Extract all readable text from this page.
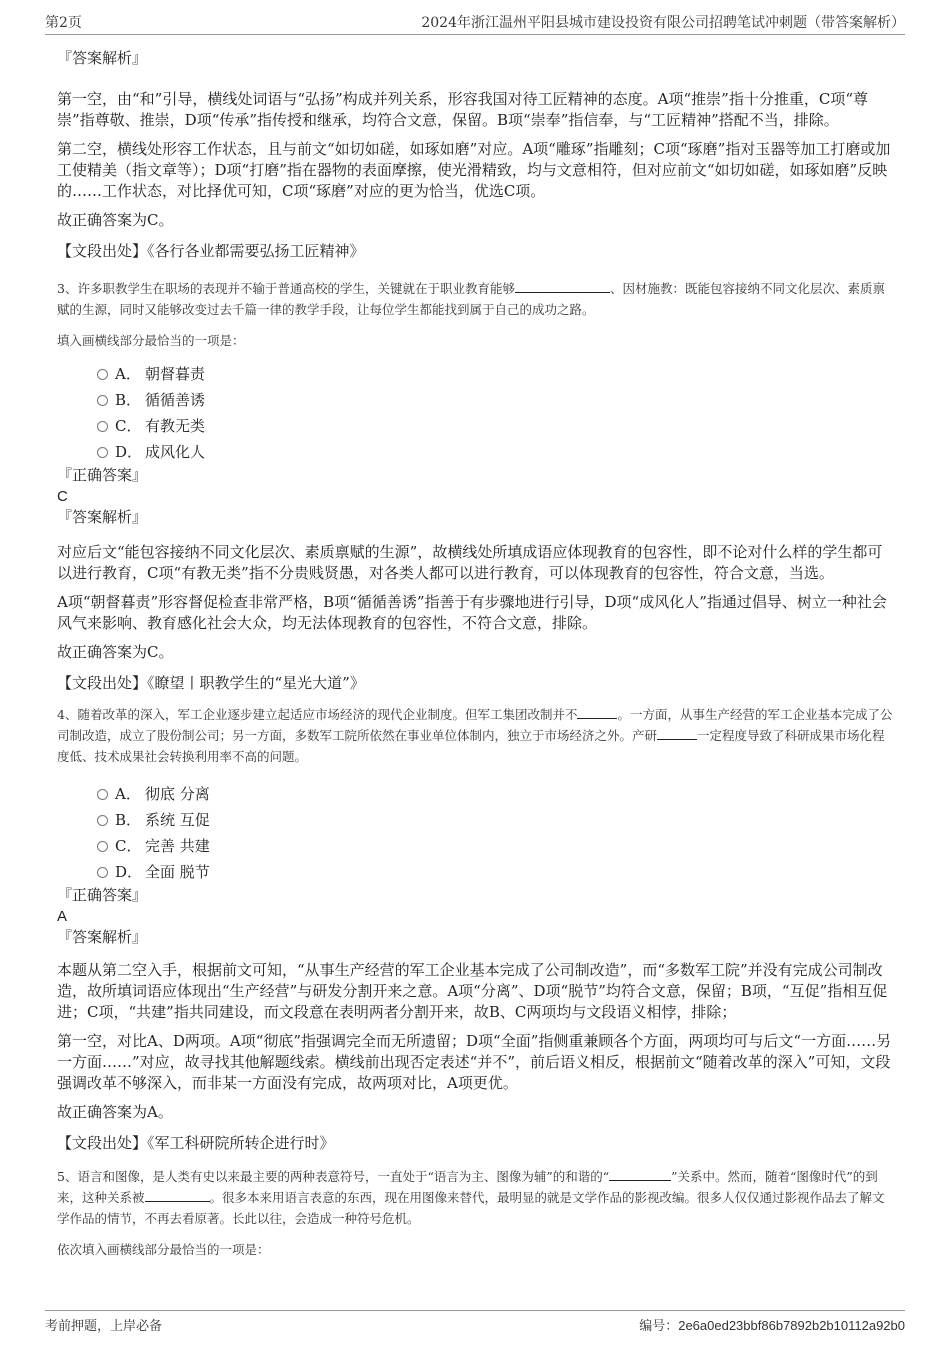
第2页	2024年浙江温州平阳县城市建设投资有限公司招聘笔试冲刺题（带答案解析）

『答案解析』

第一空，由“和”引导，横线处词语与“弘扬”构成并列关系，形容我国对待工匠精神的态度。A项“推崇”指十分推重，C项“尊崇”指尊敬、推崇，D项“传承”指传授和继承，均符合文意，保留。B项“崇奉”指信奉，与“工匠精神”搭配不当，排除。

第二空，横线处形容工作状态，且与前文“如切如磋，如琢如磨”对应。A项“雕琢”指雕刻；C项“琢磨”指对玉器等加工打磨或加工使精美（指文章等）；D项“打磨”指在器物的表面摩擦，使光滑精致，均与文意相符，但对应前文“如切如磋，如琢如磨”反映的……工作状态，对比择优可知，C项“琢磨”对应的更为恰当，优选C项。

故正确答案为C。

【文段出处】《各行各业都需要弘扬工匠精神》

3、许多职教学生在职场的表现并不输于普通高校的学生，关键就在于职业教育能够	、因材施教：既能包容接纳不同文化层次、素质禀赋的生源，同时又能够改变过去千篇一律的教学手段，让每位学生都能找到属于自己的成功之路。

填入画横线部分最恰当的一项是：

A． 朝督暮责
B． 循循善诱
C． 有教无类
D． 成风化人

『正确答案』

C

『答案解析』

对应后文“能包容接纳不同文化层次、素质禀赋的生源”，故横线处所填成语应体现教育的包容性，即不论对什么样的学生都可以进行教育，C项“有教无类”指不分贵贱贤愚，对各类人都可以进行教育，可以体现教育的包容性，符合文意，当选。

A项“朝督暮责”形容督促检查非常严格，B项“循循善诱”指善于有步骤地进行引导，D项“成风化人”指通过倡导、树立一种社会风气来影响、教育感化社会大众，均无法体现教育的包容性，不符合文意，排除。

故正确答案为C。

【文段出处】《瞭望丨职教学生的“星光大道”》

4、随着改革的深入，军工企业逐步建立起适应市场经济的现代企业制度。但军工集团改制并不	。一方面，从事生产经营的军工企业基本完成了公司制改造，成立了股份制公司；另一方面，多数军工院所依然在事业单位体制内，独立于市场经济之外。产研	一定程度导致了科研成果市场化程度低、技术成果社会转换利用率不高的问题。

A． 彻底 分离
B． 系统 互促
C． 完善 共建
D． 全面 脱节

『正确答案』

A

『答案解析』

本题从第二空入手，根据前文可知，“从事生产经营的军工企业基本完成了公司制改造”，而“多数军工院”并没有完成公司制改造，故所填词语应体现出“生产经营”与研发分割开来之意。A项“分离”、D项“脱节”均符合文意，保留；B项，“互促”指相互促进；C项，“共建”指共同建设，而文段意在表明两者分割开来，故B、C两项均与文段语义相悖，排除；

第一空，对比A、D两项。A项“彻底”指强调完全而无所遗留；D项“全面”指侧重兼顾各个方面，两项均可与后文“一方面……另一方面……”对应，故寻找其他解题线索。横线前出现否定表述“并不”，前后语义相反，根据前文“随着改革的深入”可知，文段强调改革不够深入，而非某一方面没有完成，故两项对比，A项更优。

故正确答案为A。

【文段出处】《军工科研院所转企进行时》

5、语言和图像，是人类有史以来最主要的两种表意符号，一直处于“语言为主、图像为辅”的和谐的“	”关系中。然而，随着“图像时代”的到来，这种关系被	。很多本来用语言表意的东西，现在用图像来替代，最明显的就是文学作品的影视改编。很多人仅仅通过影视作品去了解文学作品的情节，不再去看原著。长此以往，会造成一种符号危机。

依次填入画横线部分最恰当的一项是：

考前押题，上岸必备	编号：2e6a0ed23bbf86b7892b2b10112a92b0
